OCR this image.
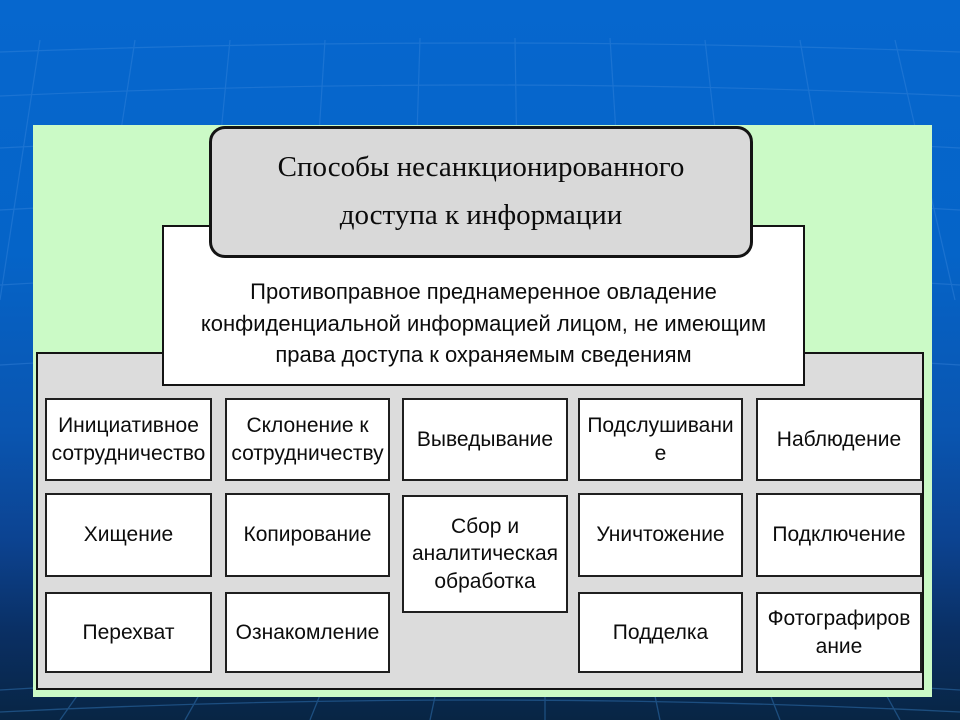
Противоправное преднамеренное овладение конфиденциальной информацией лицом, не имеющим права доступа к охраняемым сведениям
Способы несанкционированного доступа к информации
Инициативное сотрудничество
Склонение к сотрудничеству
Выведывание
Подслушивание
Наблюдение
Хищение	Копирование	Сбор и аналитическая обработка
Уничтожение	Подключение
Перехват	Ознакомление	Подделка
Фотографирование
